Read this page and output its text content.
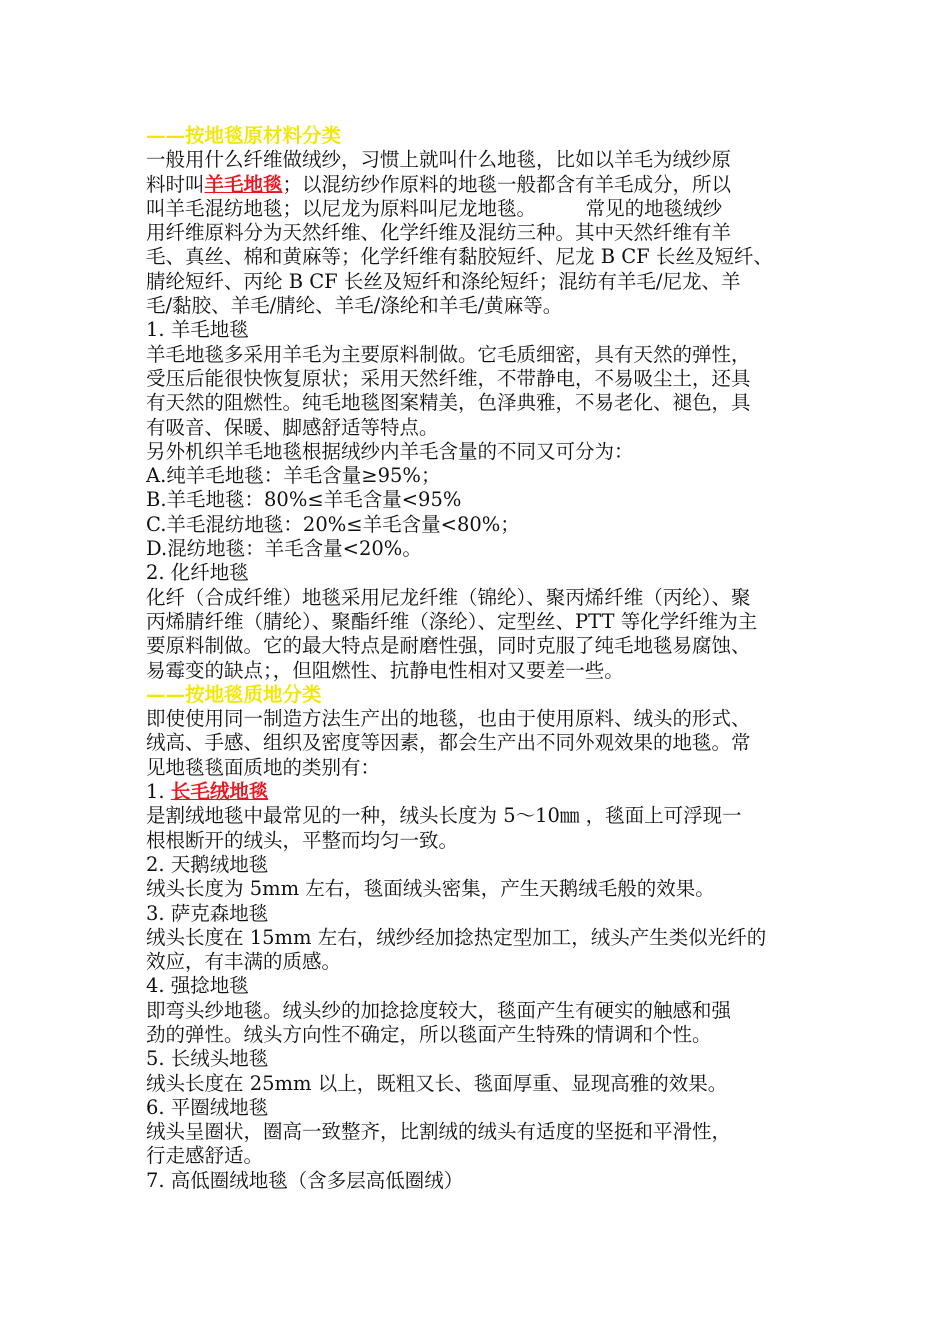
——按地毯原材料分类
一般用什么纤维做绒纱，习惯上就叫什么地毯，比如以羊毛为绒纱原
料时叫羊毛地毯；以混纺纱作原料的地毯一般都含有羊毛成分，所以
叫羊毛混纺地毯；以尼龙为原料叫尼龙地毯。        常见的地毯绒纱
用纤维原料分为天然纤维、化学纤维及混纺三种。其中天然纤维有羊
毛、真丝、棉和黄麻等；化学纤维有黏胶短纤、尼龙 B CF 长丝及短纤、
腈纶短纤、丙纶 B CF 长丝及短纤和涤纶短纤；混纺有羊毛/尼龙、羊
毛/黏胶、羊毛/腈纶、羊毛/涤纶和羊毛/黄麻等。
1. 羊毛地毯
羊毛地毯多采用羊毛为主要原料制做。它毛质细密，具有天然的弹性，
受压后能很快恢复原状；采用天然纤维，不带静电，不易吸尘土，还具
有天然的阻燃性。纯毛地毯图案精美，色泽典雅，不易老化、褪色，具
有吸音、保暖、脚感舒适等特点。
另外机织羊毛地毯根据绒纱内羊毛含量的不同又可分为：
A.纯羊毛地毯：羊毛含量≥95%；
B.羊毛地毯：80%≤羊毛含量<95%
C.羊毛混纺地毯：20%≤羊毛含量<80%；
D.混纺地毯：羊毛含量<20%。
2. 化纤地毯
化纤（合成纤维）地毯采用尼龙纤维（锦纶）、聚丙烯纤维（丙纶）、聚
丙烯腈纤维（腈纶）、聚酯纤维（涤纶）、定型丝、PTT 等化学纤维为主
要原料制做。它的最大特点是耐磨性强，同时克服了纯毛地毯易腐蚀、
易霉变的缺点；，但阻燃性、抗静电性相对又要差一些。
——按地毯质地分类
即使使用同一制造方法生产出的地毯，也由于使用原料、绒头的形式、
绒高、手感、组织及密度等因素，都会生产出不同外观效果的地毯。常
见地毯毯面质地的类别有：
1. 长毛绒地毯
是割绒地毯中最常见的一种，绒头长度为 5～10㎜ ，毯面上可浮现一
根根断开的绒头，平整而均匀一致。
2. 天鹅绒地毯
绒头长度为 5mm 左右，毯面绒头密集，产生天鹅绒毛般的效果。
3. 萨克森地毯
绒头长度在 15mm 左右，绒纱经加捻热定型加工，绒头产生类似光纤的
效应，有丰满的质感。
4. 强捻地毯
即弯头纱地毯。绒头纱的加捻捻度较大，毯面产生有硬实的触感和强
劲的弹性。绒头方向性不确定，所以毯面产生特殊的情调和个性。
5. 长绒头地毯
绒头长度在 25mm 以上，既粗又长、毯面厚重、显现高雅的效果。
6. 平圈绒地毯
绒头呈圈状，圈高一致整齐，比割绒的绒头有适度的坚挺和平滑性，
行走感舒适。
7. 高低圈绒地毯（含多层高低圈绒）
